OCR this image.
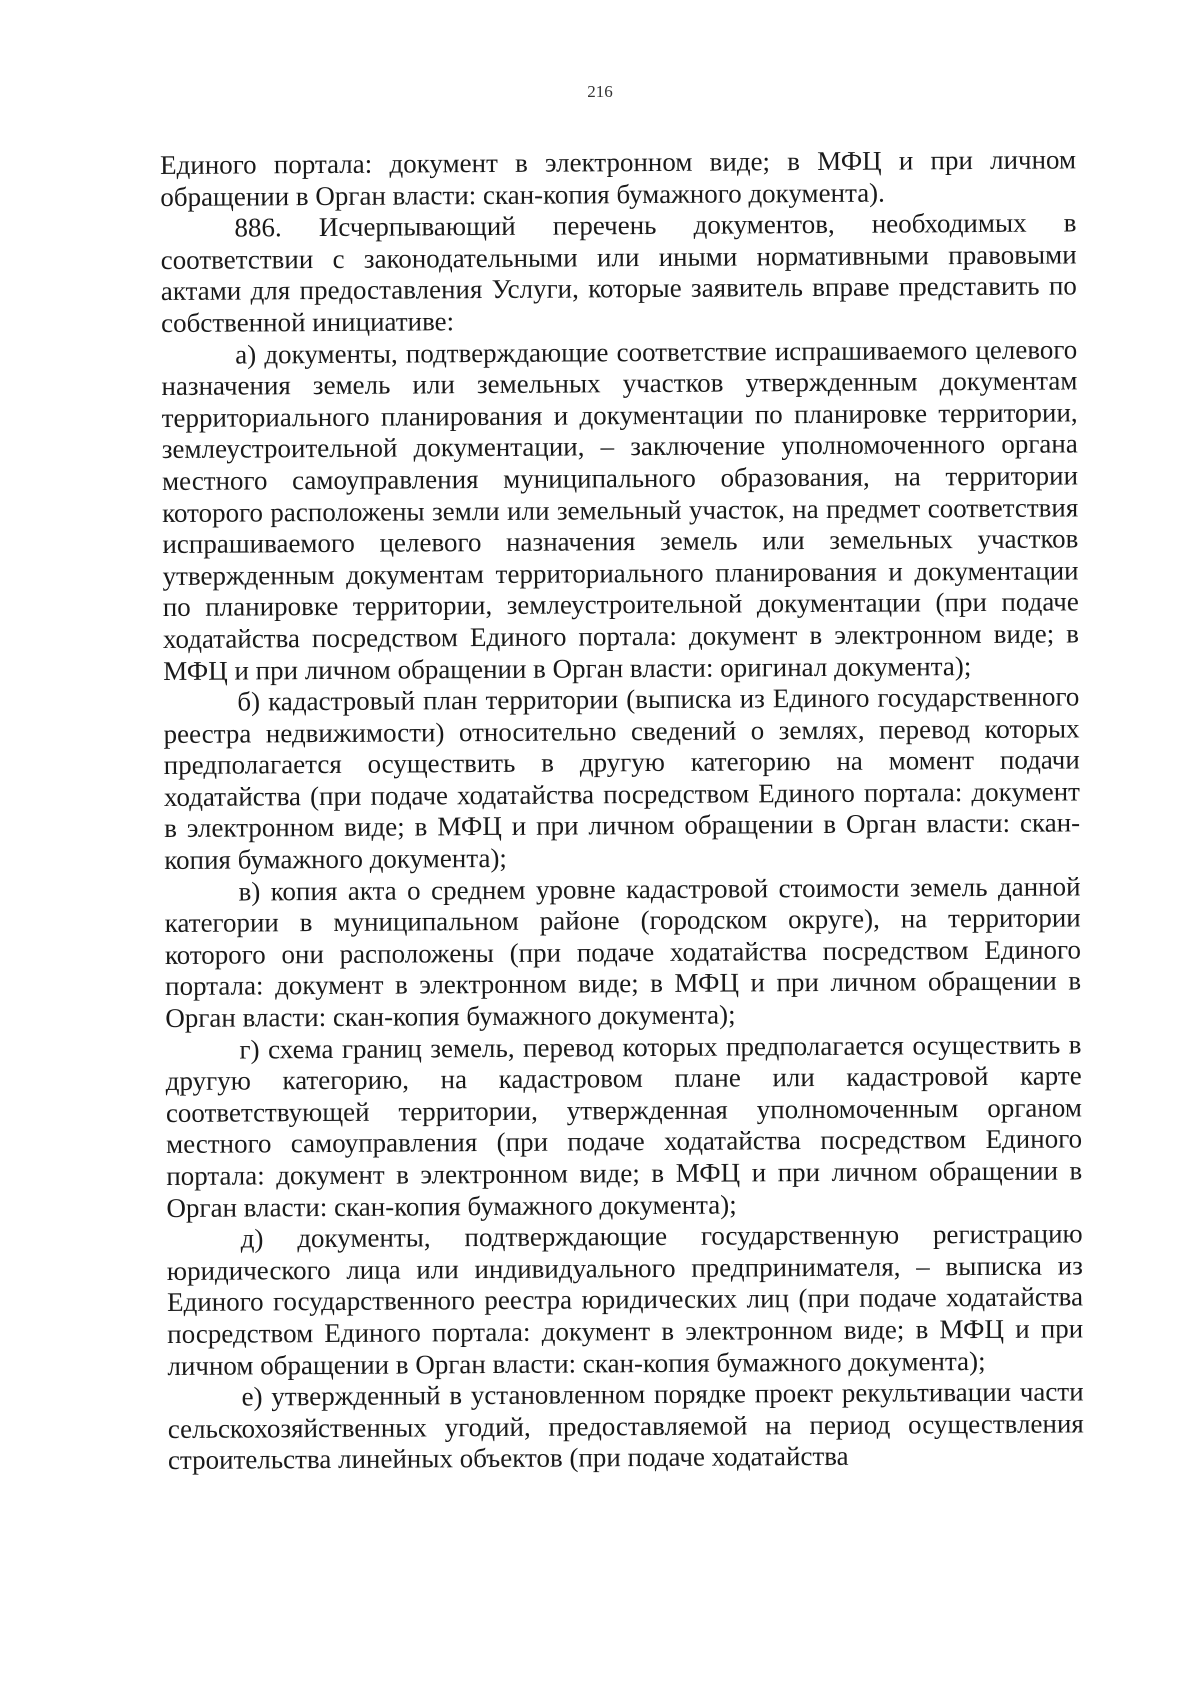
216

Единого портала: документ в электронном виде; в МФЦ и при личном обращении в Орган власти: скан-копия бумажного документа).

886. Исчерпывающий перечень документов, необходимых в соответствии с законодательными или иными нормативными правовыми актами для предоставления Услуги, которые заявитель вправе представить по собственной инициативе:

а) документы, подтверждающие соответствие испрашиваемого целевого назначения земель или земельных участков утвержденным документам территориального планирования и документации по планировке территории, землеустроительной документации, – заключение уполномоченного органа местного самоуправления муниципального образования, на территории которого расположены земли или земельный участок, на предмет соответствия испрашиваемого целевого назначения земель или земельных участков утвержденным документам территориального планирования и документации по планировке территории, землеустроительной документации (при подаче ходатайства посредством Единого портала: документ в электронном виде; в МФЦ и при личном обращении в Орган власти: оригинал документа);

б) кадастровый план территории (выписка из Единого государственного реестра недвижимости) относительно сведений о землях, перевод которых предполагается осуществить в другую категорию на момент подачи ходатайства (при подаче ходатайства посредством Единого портала: документ в электронном виде; в МФЦ и при личном обращении в Орган власти: скан-копия бумажного документа);

в) копия акта о среднем уровне кадастровой стоимости земель данной категории в муниципальном районе (городском округе), на территории которого они расположены (при подаче ходатайства посредством Единого портала: документ в электронном виде; в МФЦ и при личном обращении в Орган власти: скан-копия бумажного документа);

г) схема границ земель, перевод которых предполагается осуществить в другую категорию, на кадастровом плане или кадастровой карте соответствующей территории, утвержденная уполномоченным органом местного самоуправления (при подаче ходатайства посредством Единого портала: документ в электронном виде; в МФЦ и при личном обращении в Орган власти: скан-копия бумажного документа);

д) документы, подтверждающие государственную регистрацию юридического лица или индивидуального предпринимателя, – выписка из Единого государственного реестра юридических лиц (при подаче ходатайства посредством Единого портала: документ в электронном виде; в МФЦ и при личном обращении в Орган власти: скан-копия бумажного документа);

е) утвержденный в установленном порядке проект рекультивации части сельскохозяйственных угодий, предоставляемой на период осуществления строительства линейных объектов (при подаче ходатайства
